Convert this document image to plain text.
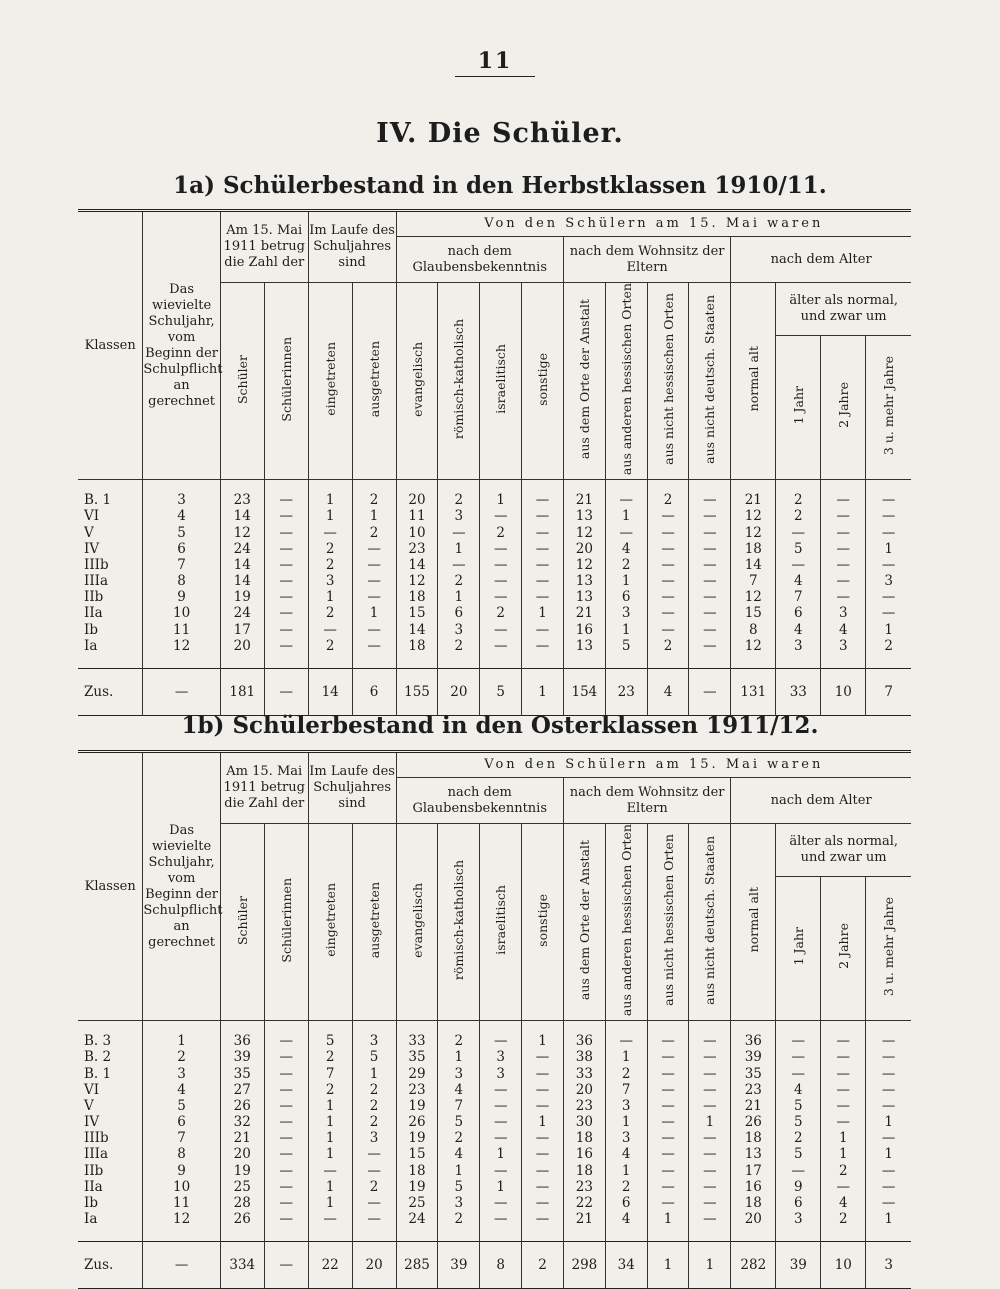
11
IV. Die Schüler.
1a) Schülerbestand in den Herbstklassen 1910/11.
Klassen	Das wievielte Schuljahr, vom Beginn der Schulpflicht an gerechnet	Am 15. Mai 1911 betrug die Zahl der		Im Laufe des Schuljahres sind		Von den Schülern am 15. Mai waren											
						nach dem Glaubensbekenntnis				nach dem Wohnsitz der Eltern				nach dem Alter			
		Schüler	Schülerinnen	eingetreten	ausgetreten	evangelisch	römisch-katholisch	israelitisch	sonstige	aus dem Orte der Anstalt	aus anderen hessischen Orten	aus nicht hessischen Orten	aus nicht deutsch. Staaten	normal alt	älter als normal, und zwar um		
															1 Jahr	2 Jahre	3 u. mehr Jahre
B. 1	3	23	—	1	2	20	2	1	—	21	—	2	—	21	2	—	—
VI	4	14	—	1	1	11	3	—	—	13	1	—	—	12	2	—	—
V	5	12	—	—	2	10	—	2	—	12	—	—	—	12	—	—	—
IV	6	24	—	2	—	23	1	—	—	20	4	—	—	18	5	—	1
IIIb	7	14	—	2	—	14	—	—	—	12	2	—	—	14	—	—	—
IIIa	8	14	—	3	—	12	2	—	—	13	1	—	—	7	4	—	3
IIb	9	19	—	1	—	18	1	—	—	13	6	—	—	12	7	—	—
IIa	10	24	—	2	1	15	6	2	1	21	3	—	—	15	6	3	—
Ib	11	17	—	—	—	14	3	—	—	16	1	—	—	8	4	4	1
Ia	12	20	—	2	—	18	2	—	—	13	5	2	—	12	3	3	2

Zus.	—	181	—	14	6	155	20	5	1	154	23	4	—	131	33	10	7
1b) Schülerbestand in den Osterklassen 1911/12.
Klassen	Das wievielte Schuljahr, vom Beginn der Schulpflicht an gerechnet	Am 15. Mai 1911 betrug die Zahl der		Im Laufe des Schuljahres sind		Von den Schülern am 15. Mai waren											
						nach dem Glaubensbekenntnis				nach dem Wohnsitz der Eltern				nach dem Alter			
		Schüler	Schülerinnen	eingetreten	ausgetreten	evangelisch	römisch-katholisch	israelitisch	sonstige	aus dem Orte der Anstalt	aus anderen hessischen Orten	aus nicht hessischen Orten	aus nicht deutsch. Staaten	normal alt	älter als normal, und zwar um		
															1 Jahr	2 Jahre	3 u. mehr Jahre
B. 3	1	36	—	5	3	33	2	—	1	36	—	—	—	36	—	—	—
B. 2	2	39	—	2	5	35	1	3	—	38	1	—	—	39	—	—	—
B. 1	3	35	—	7	1	29	3	3	—	33	2	—	—	35	—	—	—
VI	4	27	—	2	2	23	4	—	—	20	7	—	—	23	4	—	—
V	5	26	—	1	2	19	7	—	—	23	3	—	—	21	5	—	—
IV	6	32	—	1	2	26	5	—	1	30	1	—	1	26	5	—	1
IIIb	7	21	—	1	3	19	2	—	—	18	3	—	—	18	2	1	—
IIIa	8	20	—	1	—	15	4	1	—	16	4	—	—	13	5	1	1
IIb	9	19	—	—	—	18	1	—	—	18	1	—	—	17	—	2	—
IIa	10	25	—	1	2	19	5	1	—	23	2	—	—	16	9	—	—
Ib	11	28	—	1	—	25	3	—	—	22	6	—	—	18	6	4	—
Ia	12	26	—	—	—	24	2	—	—	21	4	1	—	20	3	2	1

Zus.	—	334	—	22	20	285	39	8	2	298	34	1	1	282	39	10	3
